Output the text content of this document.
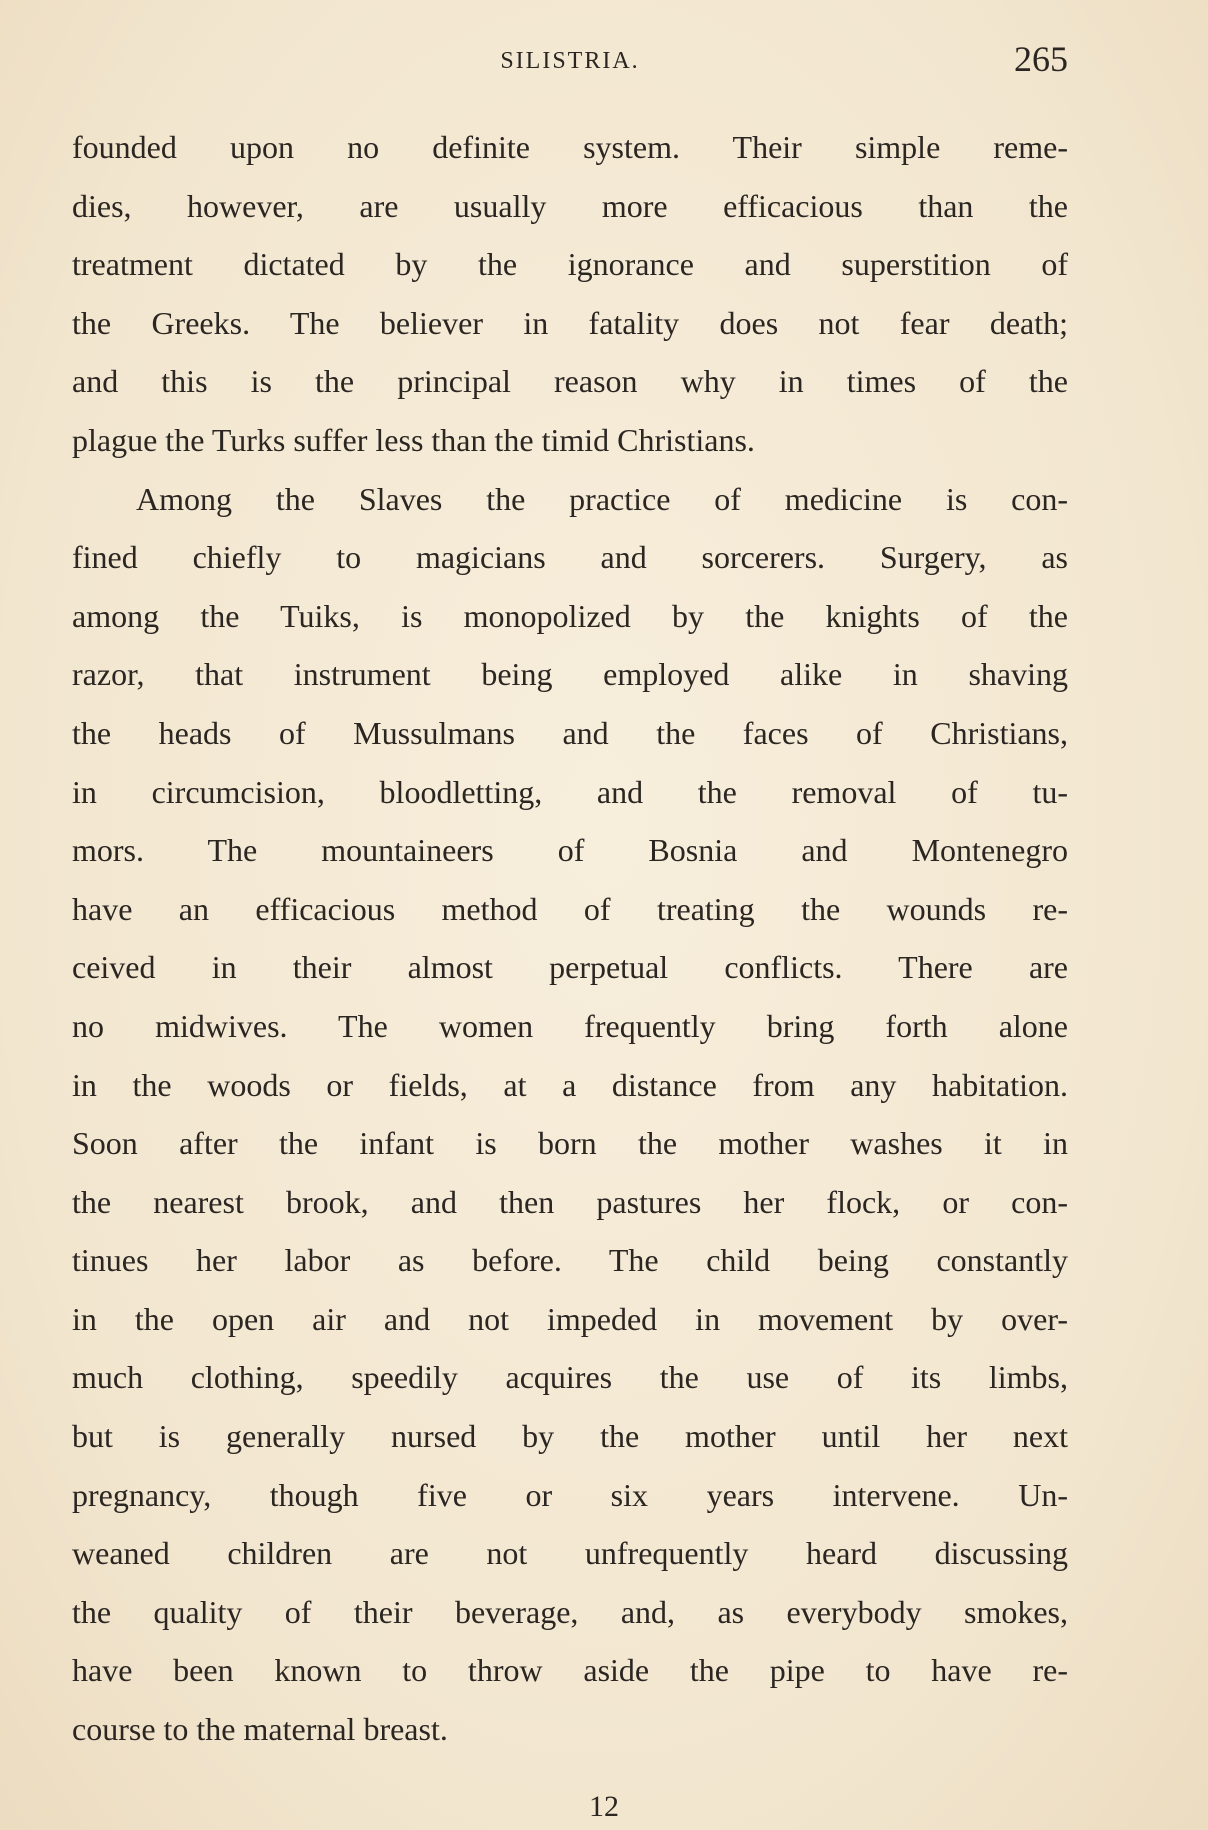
SILISTRIA.	265
founded upon no definite system. Their simple reme-
dies, however, are usually more efficacious than the
treatment dictated by the ignorance and superstition of
the Greeks. The believer in fatality does not fear death;
and this is the principal reason why in times of the
plague the Turks suffer less than the timid Christians.
Among the Slaves the practice of medicine is con-
fined chiefly to magicians and sorcerers. Surgery, as
among the Tuiks, is monopolized by the knights of the
razor, that instrument being employed alike in shaving
the heads of Mussulmans and the faces of Christians,
in circumcision, bloodletting, and the removal of tu-
mors. The mountaineers of Bosnia and Montenegro
have an efficacious method of treating the wounds re-
ceived in their almost perpetual conflicts. There are
no midwives. The women frequently bring forth alone
in the woods or fields, at a distance from any habitation.
Soon after the infant is born the mother washes it in
the nearest brook, and then pastures her flock, or con-
tinues her labor as before. The child being constantly
in the open air and not impeded in movement by over-
much clothing, speedily acquires the use of its limbs,
but is generally nursed by the mother until her next
pregnancy, though five or six years intervene. Un-
weaned children are not unfrequently heard discussing
the quality of their beverage, and, as everybody smokes,
have been known to throw aside the pipe to have re-
course to the maternal breast.
12
